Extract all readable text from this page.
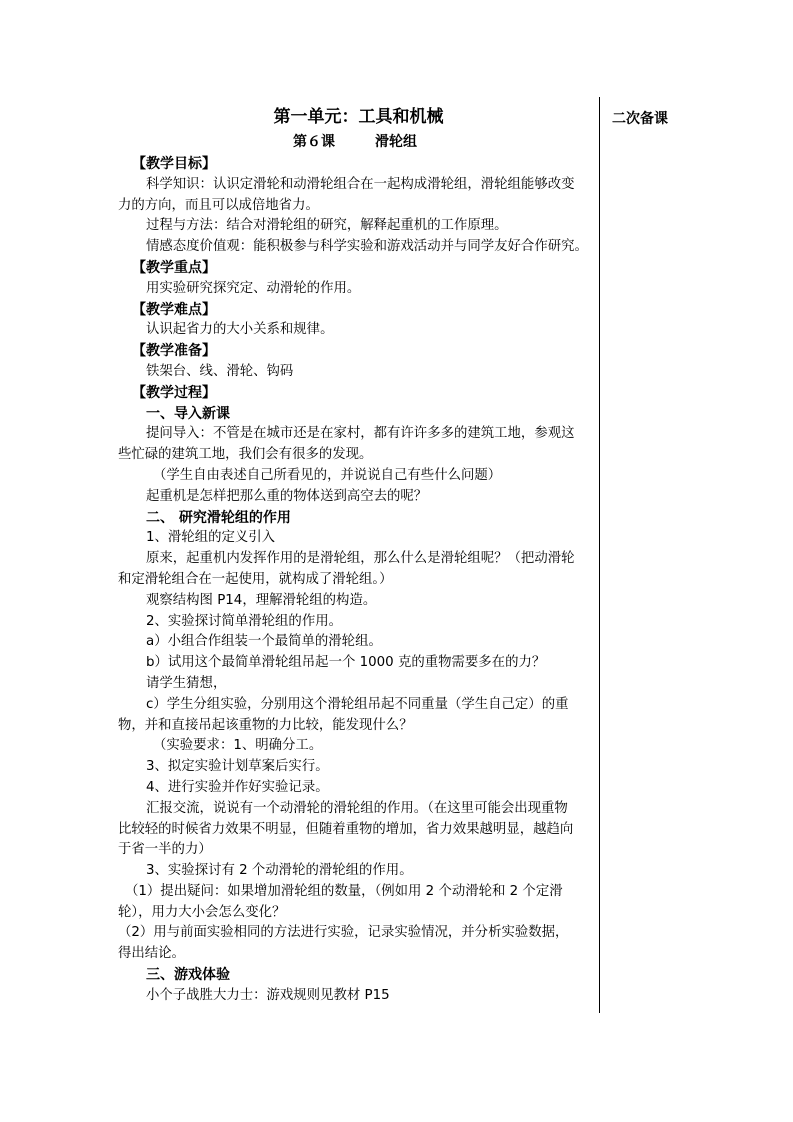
二次备课
第一单元：工具和机械
第６课	滑轮组
【教学目标】
科学知识：认识定滑轮和动滑轮组合在一起构成滑轮组，滑轮组能够改变
力的方向，而且可以成倍地省力。
过程与方法：结合对滑轮组的研究，解释起重机的工作原理。
情感态度价值观：能积极参与科学实验和游戏活动并与同学友好合作研究。
【教学重点】
用实验研究探究定、动滑轮的作用。
【教学难点】
认识起省力的大小关系和规律。
【教学准备】
铁架台、线、滑轮、钩码
【教学过程】
一、导入新课
提问导入：不管是在城市还是在家村，都有许许多多的建筑工地，参观这
些忙碌的建筑工地，我们会有很多的发现。
（学生自由表述自己所看见的，并说说自己有些什么问题）
起重机是怎样把那么重的物体送到高空去的呢？
二、 研究滑轮组的作用
1、滑轮组的定义引入
原来，起重机内发挥作用的是滑轮组，那么什么是滑轮组呢？（把动滑轮
和定滑轮组合在一起使用，就构成了滑轮组。）
观察结构图 P14，理解滑轮组的构造。
2、实验探讨简单滑轮组的作用。
a）小组合作组装一个最简单的滑轮组。
b）试用这个最简单滑轮组吊起一个 1000 克的重物需要多在的力？
请学生猜想，
c）学生分组实验，分别用这个滑轮组吊起不同重量（学生自己定）的重
物，并和直接吊起该重物的力比较，能发现什么？
（实验要求：1、明确分工。
3、拟定实验计划草案后实行。
4、进行实验并作好实验记录。
汇报交流，说说有一个动滑轮的滑轮组的作用。（在这里可能会出现重物
比较轻的时候省力效果不明显，但随着重物的增加，省力效果越明显，越趋向
于省一半的力）
3、实验探讨有 2 个动滑轮的滑轮组的作用。
（1）提出疑问：如果增加滑轮组的数量，（例如用 2 个动滑轮和 2 个定滑
轮），用力大小会怎么变化？
（2）用与前面实验相同的方法进行实验，记录实验情况，并分析实验数据，
得出结论。
三、游戏体验
小个子战胜大力士：游戏规则见教材 P15
